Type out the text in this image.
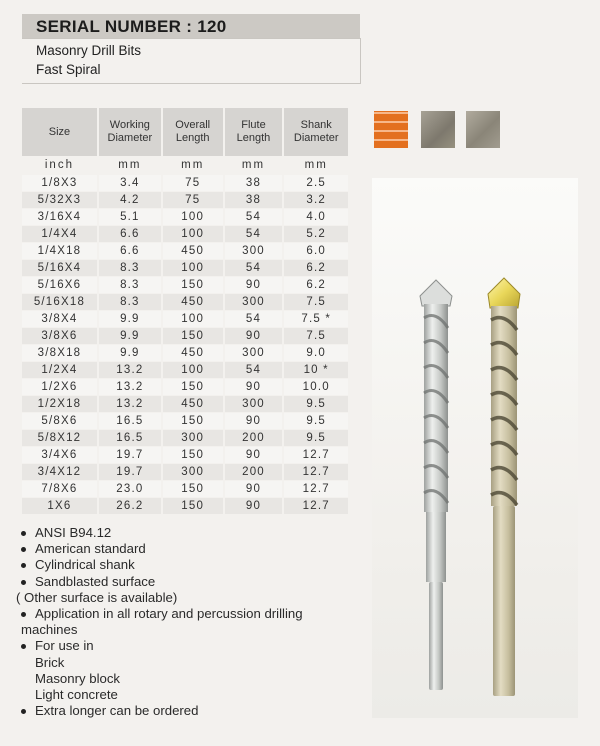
SERIAL NUMBER : 120
Masonry Drill Bits
Fast Spiral
Size	Working Diameter	Overall Length	Flute Length	Shank Diameter
inch	mm	mm	mm	mm
1/8X3	3.4	75	38	2.5
5/32X3	4.2	75	38	3.2
3/16X4	5.1	100	54	4.0
1/4X4	6.6	100	54	5.2
1/4X18	6.6	450	300	6.0
5/16X4	8.3	100	54	6.2
5/16X6	8.3	150	90	6.2
5/16X18	8.3	450	300	7.5
3/8X4	9.9	100	54	7.5 *
3/8X6	9.9	150	90	7.5
3/8X18	9.9	450	300	9.0
1/2X4	13.2	100	54	10 *
1/2X6	13.2	150	90	10.0
1/2X18	13.2	450	300	9.5
5/8X6	16.5	150	90	9.5
5/8X12	16.5	300	200	9.5
3/4X6	19.7	150	90	12.7
3/4X12	19.7	300	200	12.7
7/8X6	23.0	150	90	12.7
1X6	26.2	150	90	12.7
ANSI B94.12
American standard
Cylindrical shank
Sandblasted surface
( Other surface is available)
Application in all rotary and percussion drilling
machines
For use in
Brick
Masonry block
Light concrete
Extra longer can be ordered
